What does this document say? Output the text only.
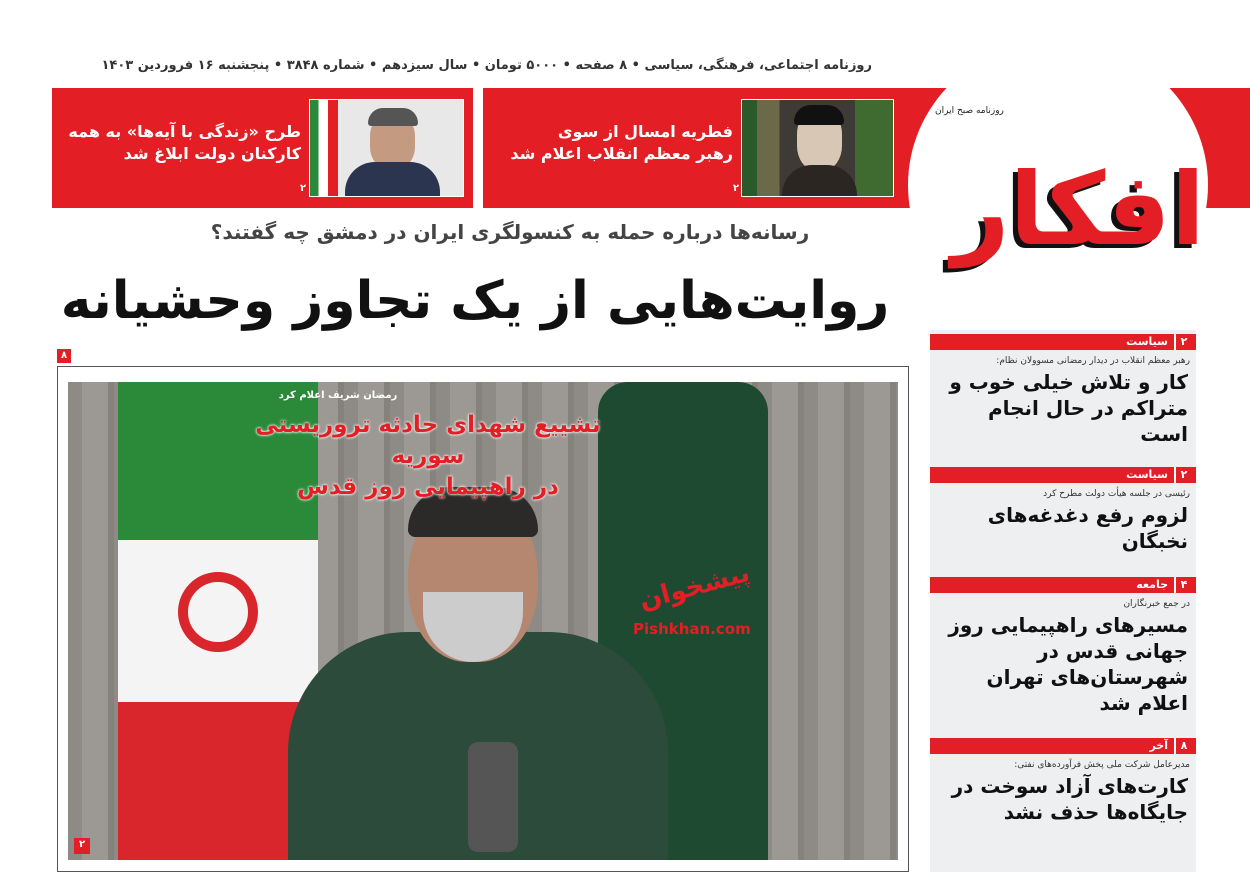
روزنامه اجتماعی، فرهنگی، سیاسی • ۸ صفحه • ۵۰۰۰ تومان • سال سیزدهم • شماره ۳۸۴۸ • پنجشنبه ۱۶ فروردین ۱۴۰۳
فطریه امسال از سوی
رهبر معظم انقلاب اعلام شد
۲
طرح «زندگی با آیه‌ها» به همه
کارکنان دولت ابلاغ شد
۲	افکار
روزنامه صبح ایران
رسانه‌ها درباره حمله به کنسولگری ایران در دمشق چه گفتند؟
روایت‌هایی از یک تجاوز وحشیانه
۸
رمضان شریف اعلام کرد
تشییع شهدای حادثه تروریستی سوریه
در راهپیمایی روز قدس
پیشخوان
Pishkhan.com
۲
۲
سیاست
رهبر معظم انقلاب در دیدار رمضانی مسوولان نظام:
کار و تلاش خیلی خوب و متراکم در حال انجام است
۲
سیاست
رئیسی در جلسه هیأت دولت مطرح کرد
لزوم رفع دغدغه‌های نخبگان
۴
جامعه
در جمع خبرنگاران
مسیرهای راهپیمایی روز جهانی قدس در شهرستان‌های تهران اعلام شد
۸
آخر
مدیرعامل شرکت ملی پخش فرآورده‌های نفتی:
کارت‌های آزاد سوخت در جایگاه‌ها حذف نشد
